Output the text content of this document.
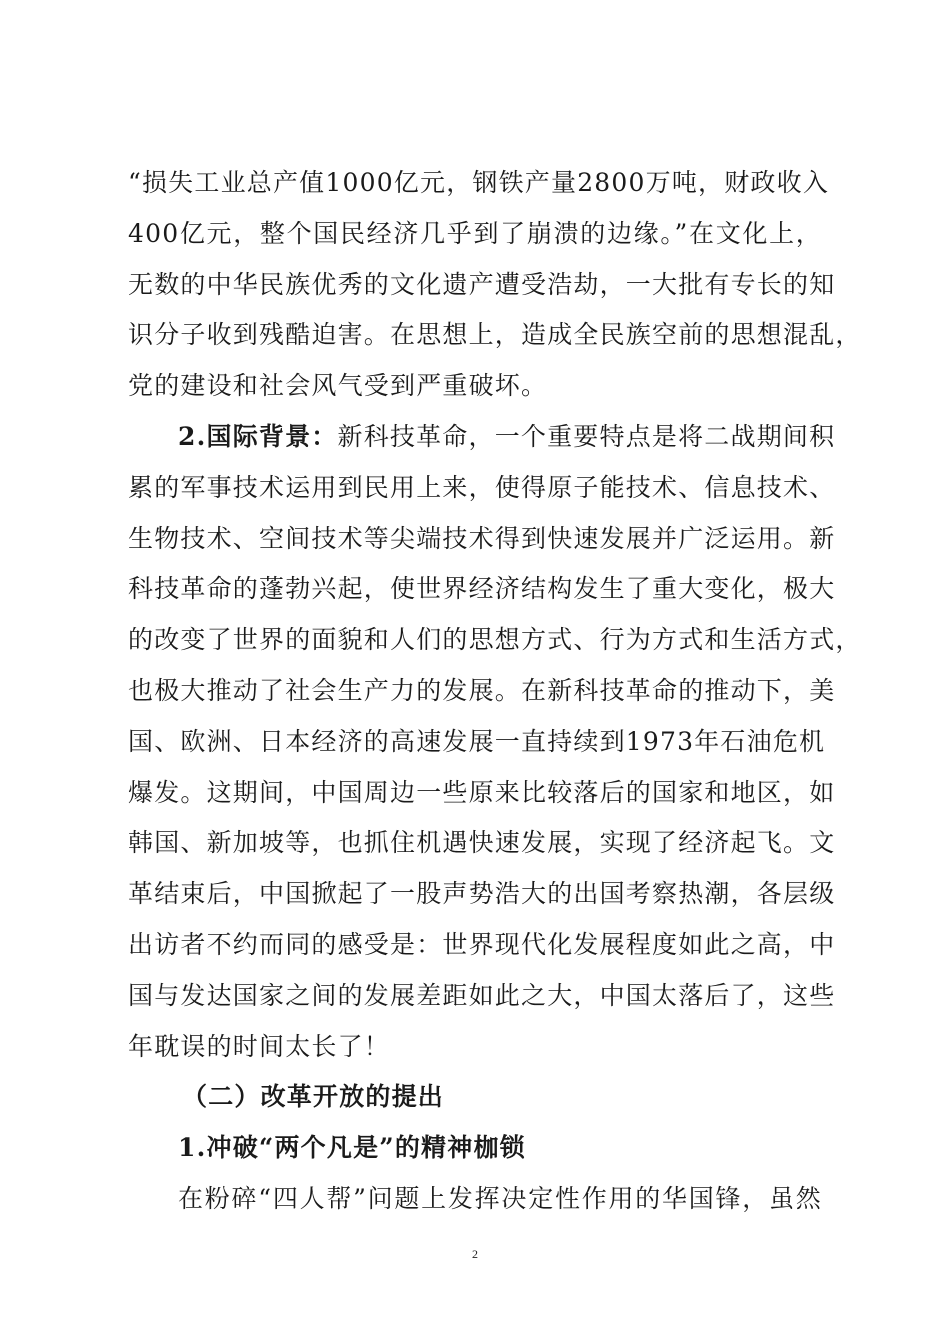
“损失工业总产值1000亿元，钢铁产量2800万吨，财政收入
400亿元，整个国民经济几乎到了崩溃的边缘。”在文化上，
无数的中华民族优秀的文化遗产遭受浩劫，一大批有专长的知
识分子收到残酷迫害。在思想上，造成全民族空前的思想混乱，
党的建设和社会风气受到严重破坏。
2.国际背景：新科技革命，一个重要特点是将二战期间积
累的军事技术运用到民用上来，使得原子能技术、信息技术、
生物技术、空间技术等尖端技术得到快速发展并广泛运用。新
科技革命的蓬勃兴起，使世界经济结构发生了重大变化，极大
的改变了世界的面貌和人们的思想方式、行为方式和生活方式，
也极大推动了社会生产力的发展。在新科技革命的推动下，美
国、欧洲、日本经济的高速发展一直持续到1973年石油危机
爆发。这期间，中国周边一些原来比较落后的国家和地区，如
韩国、新加坡等，也抓住机遇快速发展，实现了经济起飞。文
革结束后，中国掀起了一股声势浩大的出国考察热潮，各层级
出访者不约而同的感受是：世界现代化发展程度如此之高，中
国与发达国家之间的发展差距如此之大，中国太落后了，这些
年耽误的时间太长了！
（二）改革开放的提出
1.冲破“两个凡是”的精神枷锁
在粉碎“四人帮”问题上发挥决定性作用的华国锋，虽然
2
